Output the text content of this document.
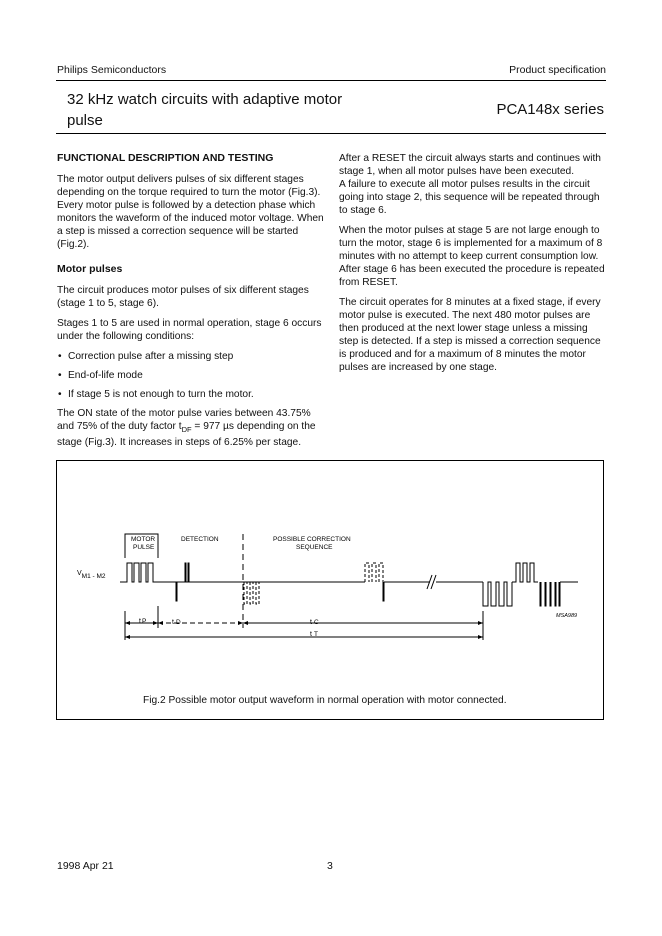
Philips Semiconductors	Product specification
32 kHz watch circuits with adaptive motor pulse
PCA148x series
FUNCTIONAL DESCRIPTION AND TESTING

The motor output delivers pulses of six different stages depending on the torque required to turn the motor (Fig.3). Every motor pulse is followed by a detection phase which monitors the waveform of the induced motor voltage. When a step is missed a correction sequence will be started (Fig.2).

Motor pulses

The circuit produces motor pulses of six different stages (stage 1 to 5, stage 6).

Stages 1 to 5 are used in normal operation, stage 6 occurs under the following conditions:

• Correction pulse after a missing step
• End-of-life mode
• If stage 5 is not enough to turn the motor.

The ON state of the motor pulse varies between 43.75% and 75% of the duty factor $t_{DF} = 977$ µs depending on the stage (Fig.3). It increases in steps of 6.25% per stage.

After a RESET the circuit always starts and continues with stage 1, when all motor pulses have been executed.
A failure to execute all motor pulses results in the circuit going into stage 2, this sequence will be repeated through to stage 6.

When the motor pulses at stage 5 are not large enough to turn the motor, stage 6 is implemented for a maximum of 8 minutes with no attempt to keep current consumption low. After stage 6 has been executed the procedure is repeated from RESET.

The circuit operates for 8 minutes at a fixed stage, if every motor pulse is executed. The next 480 motor pulses are then produced at the next lower stage unless a missing step is detected. If a step is missed a correction sequence is produced and for a maximum of 8 minutes the motor pulses are increased by one stage.

MOTOR
PULSE
DETECTION	POSSIBLE CORRECTION
SEQUENCE
VM1 - M2
tP	t D	t C
t T
MSA989
Fig.2 Possible motor output waveform in normal operation with motor connected.
1998 Apr 21	3
